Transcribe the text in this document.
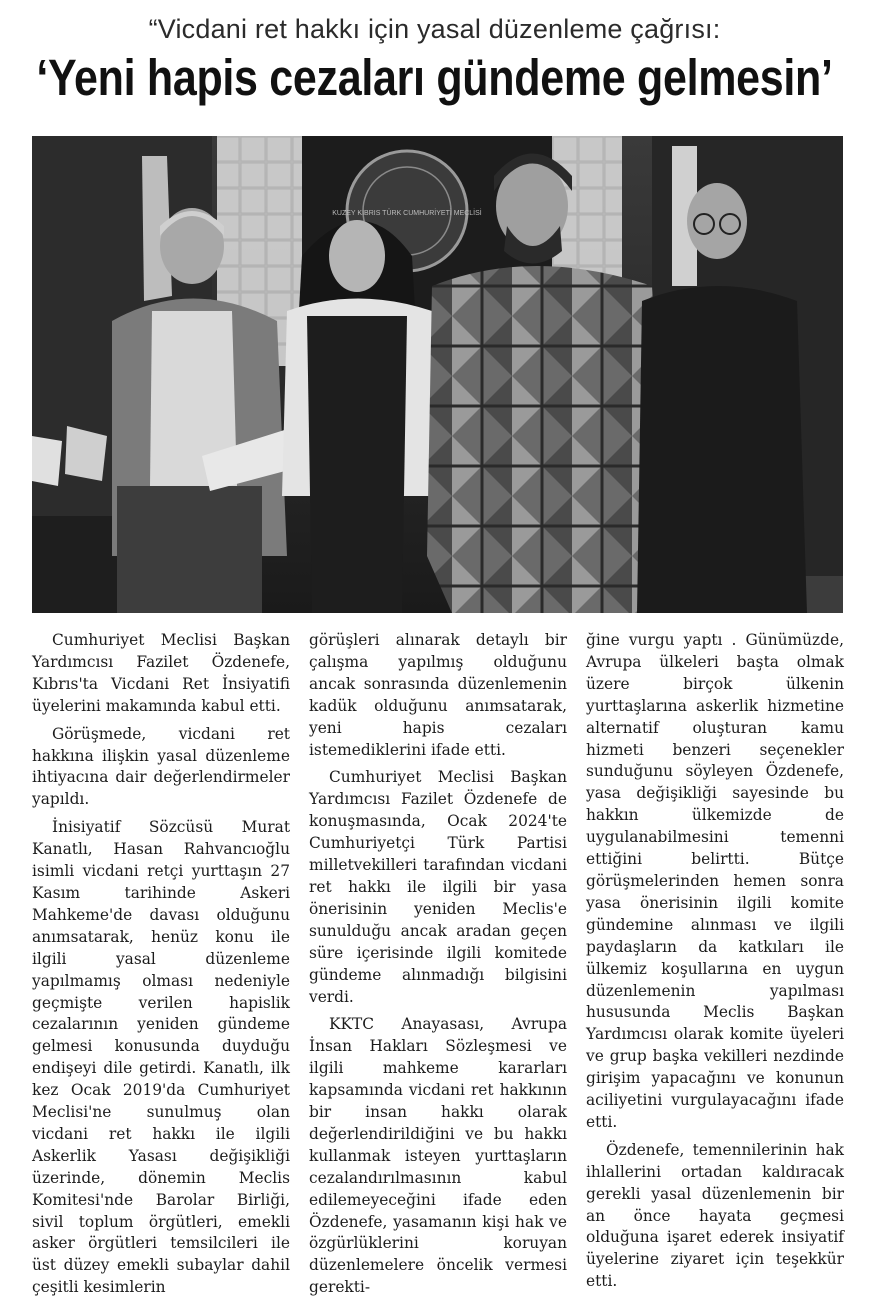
“Vicdani ret hakkı için yasal düzenleme çağrısı:
‘Yeni hapis cezaları gündeme gelmesin’
KUZEY KIBRIS TÜRK CUMHURİYETİ MECLİSİ

Cumhuriyet Meclisi Başkan Yardımcısı Fazilet Özdenefe, Kıbrıs'ta Vicdani Ret İnsiyatifi üyelerini makamında kabul etti.

Görüşmede, vicdani ret hakkına ilişkin yasal düzenleme ihtiyacına dair değerlendirmeler yapıldı.

İnisiyatif Sözcüsü Murat Kanatlı, Hasan Rahvancıoğlu isimli vicdani retçi yurttaşın 27 Kasım tarihinde Askeri Mahkeme'de davası olduğunu anımsatarak, henüz konu ile ilgili yasal düzenleme yapılmamış olması nedeniyle geçmişte verilen hapislik cezalarının yeniden gündeme gelmesi konusunda duyduğu endişeyi dile getirdi. Kanatlı, ilk kez Ocak 2019'da Cumhuriyet Meclisi'ne sunulmuş olan vicdani ret hakkı ile ilgili Askerlik Yasası değişikliği üzerinde, dönemin Meclis Komitesi'nde Barolar Birliği, sivil toplum örgütleri, emekli asker örgütleri temsilcileri ile üst düzey emekli subaylar dahil çeşitli kesimlerin

görüşleri alınarak detaylı bir çalışma yapılmış olduğunu ancak sonrasında düzenlemenin kadük olduğunu anımsatarak, yeni hapis cezaları istemediklerini ifade etti.

Cumhuriyet Meclisi Başkan Yardımcısı Fazilet Özdenefe de konuşmasında, Ocak 2024'te Cumhuriyetçi Türk Partisi milletvekilleri tarafından vicdani ret hakkı ile ilgili bir yasa önerisinin yeniden Meclis'e sunulduğu ancak aradan geçen süre içerisinde ilgili komitede gündeme alınmadığı bilgisini verdi.

KKTC Anayasası, Avrupa İnsan Hakları Sözleşmesi ve ilgili mahkeme kararları kapsamında vicdani ret hakkının bir insan hakkı olarak değerlendirildiğini ve bu hakkı kullanmak isteyen yurttaşların cezalandırılmasının kabul edilemeyeceğini ifade eden Özdenefe, yasamanın kişi hak ve özgürlüklerini koruyan düzenlemelere öncelik vermesi gerekti-

ğine vurgu yaptı . Günümüzde, Avrupa ülkeleri başta olmak üzere birçok ülkenin yurttaşlarına askerlik hizmetine alternatif oluşturan kamu hizmeti benzeri seçenekler sunduğunu söyleyen Özdenefe, yasa değişikliği sayesinde bu hakkın ülkemizde de uygulanabilmesini temenni ettiğini belirtti. Bütçe görüşmelerinden hemen sonra yasa önerisinin ilgili komite gündemine alınması ve ilgili paydaşların da katkıları ile ülkemiz koşullarına en uygun düzenlemenin yapılması hususunda Meclis Başkan Yardımcısı olarak komite üyeleri ve grup başka vekilleri nezdinde girişim yapacağını ve konunun aciliyetini vurgulayacağını ifade etti.

Özdenefe, temennilerinin hak ihlallerini ortadan kaldıracak gerekli yasal düzenlemenin bir an önce hayata geçmesi olduğuna işaret ederek insiyatif üyelerine ziyaret için teşekkür etti.
